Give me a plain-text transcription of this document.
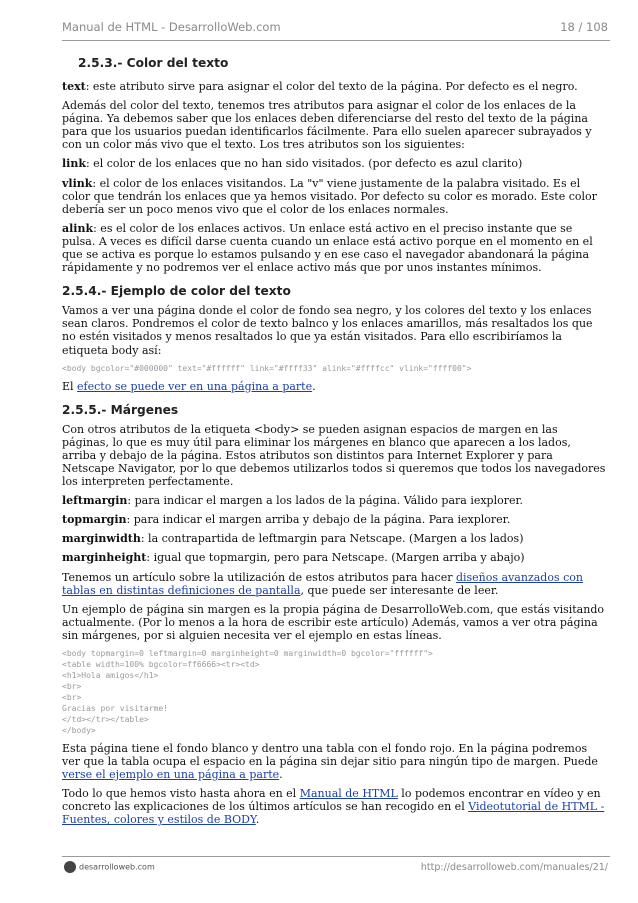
Manual de HTML - DesarrolloWeb.com	18 / 108
2.5.3.- Color del texto

text: este atributo sirve para asignar el color del texto de la página. Por defecto es el negro.

Además del color del texto, tenemos tres atributos para asignar el color de los enlaces de la página. Ya debemos saber que los enlaces deben diferenciarse del resto del texto de la página para que los usuarios puedan identificarlos fácilmente. Para ello suelen aparecer subrayados y con un color más vivo que el texto. Los tres atributos son los siguientes:

link: el color de los enlaces que no han sido visitados. (por defecto es azul clarito)

vlink: el color de los enlaces visitandos. La "v" viene justamente de la palabra visitado. Es el color que tendrán los enlaces que ya hemos visitado. Por defecto su color es morado. Este color debería ser un poco menos vivo que el color de los enlaces normales.

alink: es el color de los enlaces activos. Un enlace está activo en el preciso instante que se pulsa. A veces es difícil darse cuenta cuando un enlace está activo porque en el momento en el que se activa es porque lo estamos pulsando y en ese caso el navegador abandonará la página rápidamente y no podremos ver el enlace activo más que por unos instantes mínimos.

2.5.4.- Ejemplo de color del texto

Vamos a ver una página donde el color de fondo sea negro, y los colores del texto y los enlaces sean claros. Pondremos el color de texto balnco y los enlaces amarillos, más resaltados los que no estén visitados y menos resaltados lo que ya están visitados. Para ello escribiríamos la etiqueta body así:

<body bgcolor="#000000" text="#ffffff" link="#ffff33" alink="#ffffcc" vlink="ffff00">

El efecto se puede ver en una página a parte.

2.5.5.- Márgenes

Con otros atributos de la etiqueta <body> se pueden asignan espacios de margen en las páginas, lo que es muy útil para eliminar los márgenes en blanco que aparecen a los lados, arriba y debajo de la página. Estos atributos son distintos para Internet Explorer y para Netscape Navigator, por lo que debemos utilizarlos todos si queremos que todos los navegadores los interpreten perfectamente.

leftmargin: para indicar el margen a los lados de la página. Válido para iexplorer.

topmargin: para indicar el margen arriba y debajo de la página. Para iexplorer.

marginwidth: la contrapartida de leftmargin para Netscape. (Margen a los lados)

marginheight: igual que topmargin, pero para Netscape. (Margen arriba y abajo)

Tenemos un artículo sobre la utilización de estos atributos para hacer diseños avanzados con tablas en distintas definiciones de pantalla, que puede ser interesante de leer.

Un ejemplo de página sin margen es la propia página de DesarrolloWeb.com, que estás visitando actualmente. (Por lo menos a la hora de escribir este artículo) Además, vamos a ver otra página sin márgenes, por si alguien necesita ver el ejemplo en estas líneas.

<body topmargin=0 leftmargin=0 marginheight=0 marginwidth=0 bgcolor="ffffff">
<table width=100% bgcolor=ff6666><tr><td>
<h1>Hola amigos</h1>
<br>
<br>
Gracias por visitarme!
</td></tr></table>
</body>

Esta página tiene el fondo blanco y dentro una tabla con el fondo rojo. En la página podremos ver que la tabla ocupa el espacio en la página sin dejar sitio para ningún tipo de margen. Puede verse el ejemplo en una página a parte.

Todo lo que hemos visto hasta ahora en el Manual de HTML lo podemos encontrar en vídeo y en concreto las explicaciones de los últimos artículos se han recogido en el Videotutorial de HTML - Fuentes, colores y estilos de BODY.

desarrolloweb.com	http://desarrolloweb.com/manuales/21/
